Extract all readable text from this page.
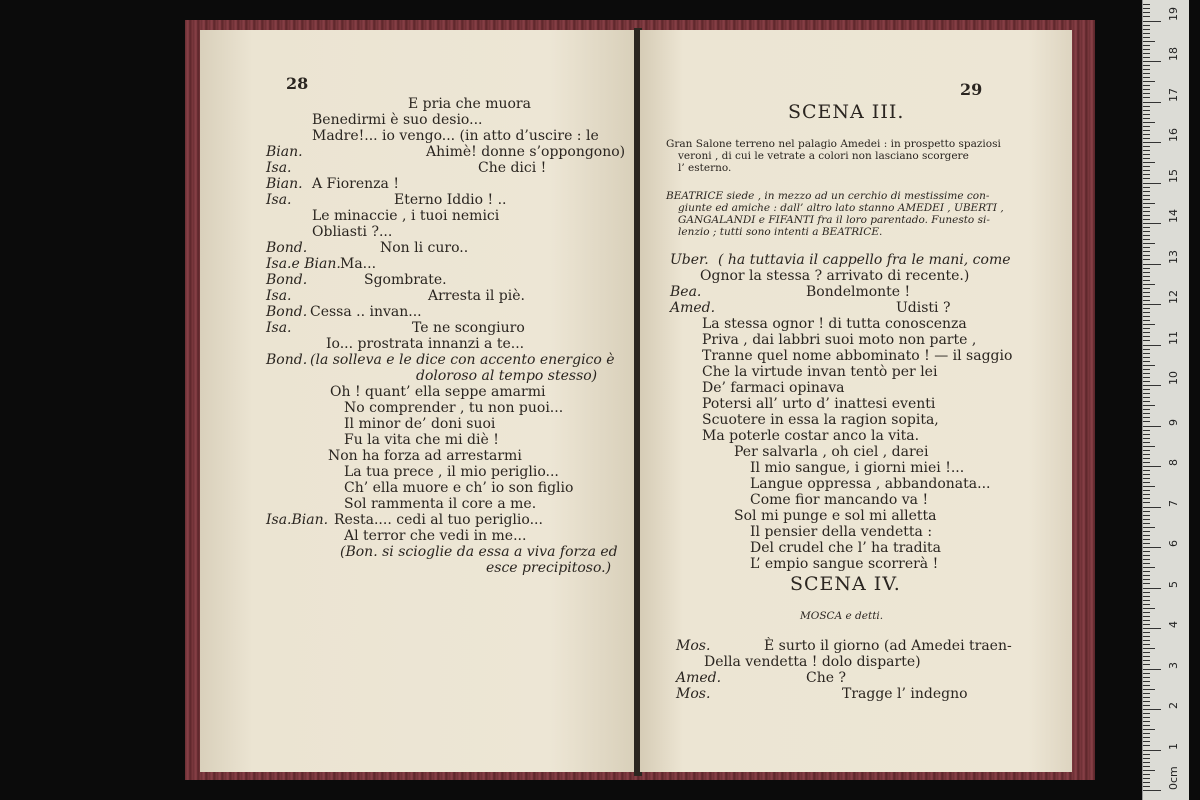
28
E pria che muora
Benedirmi è suo desio...
Madre!... io vengo... (in atto d’uscire : le
Bian.	Ahimè! donne s’oppongono)
Isa.	Che dici !
Bian. A Fiorenza !
Isa.	Eterno Iddio ! ..
Le minaccie , i tuoi nemici
Obliasti ?...
Bond.	Non li curo..
Isa.e Bian. Ma...
Bond.	Sgombrate.
Isa.	Arresta il piè.
Bond. Cessa .. invan...
Isa.	Te ne scongiuro
Io... prostrata innanzi a te...
Bond. (la solleva e le dice con accento energico è
doloroso al tempo stesso)
Oh ! quant’ ella seppe amarmi
No comprender , tu non puoi...
Il minor de’ doni suoi
Fu la vita che mi diè !
Non ha forza ad arrestarmi
La tua prece , il mio periglio...
Ch’ ella muore e ch’ io son figlio
Sol rammenta il core a me.
Isa.Bian. Resta.... cedi al tuo periglio...
Al terror che vedi in me...
(Bon. si scioglie da essa a viva forza ed
esce precipitoso.)
29
SCENA III.
Gran Salone terreno nel palagio Amedei : in prospetto spaziosi
veroni , di cui le vetrate a colori non lasciano scorgere
l’ esterno.
BEATRICE siede , in mezzo ad un cerchio di mestissime con-
giunte ed amiche : dall’ altro lato stanno AMEDEI , UBERTI ,
GANGALANDI e FIFANTI fra il loro parentado. Funesto si-
lenzio ; tutti sono intenti a BEATRICE.
Uber. ( ha tuttavia il cappello fra le mani, come
Ognor la stessa ? arrivato di recente.)
Bea.	Bondelmonte !
Amed.	Udisti ?
La stessa ognor ! di tutta conoscenza
Priva , dai labbri suoi moto non parte ,
Tranne quel nome abbominato ! — il saggio
Che la virtude invan tentò per lei
De’ farmaci opinava
Potersi all’ urto d’ inattesi eventi
Scuotere in essa la ragion sopita,
Ma poterle costar anco la vita.
Per salvarla , oh ciel , darei
Il mio sangue, i giorni miei !...
Langue oppressa , abbandonata...
Come fior mancando va !
Sol mi punge e sol mi alletta
Il pensier della vendetta :
Del crudel che l’ ha tradita
L’ empio sangue scorrerà !
SCENA IV.
MOSCA e detti.
Mos.	È surto il giorno (ad Amedei traen-
Della vendetta ! dolo disparte)
Amed.	Che ?
Mos.	Tragge l’ indegno
0cm
1
2
3
4
5
6
7
8
9
10
11
12
13
14
15
16
17
18
19
